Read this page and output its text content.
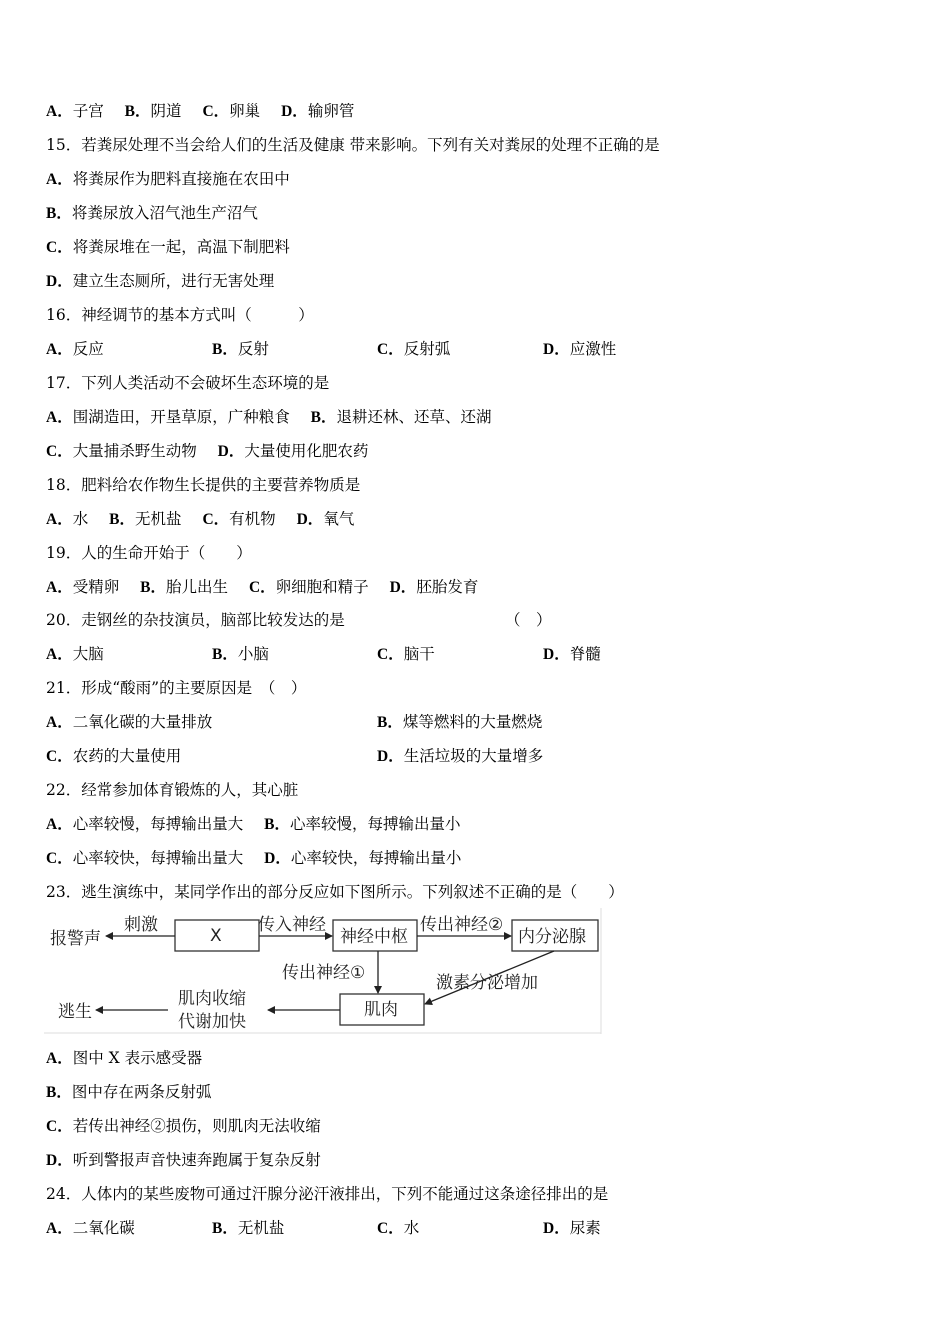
A．子宫 B．阴道 C．卵巢 D．输卵管
15．若粪尿处理不当会给人们的生活及健康 带来影响。下列有关对粪尿的处理不正确的是
A．将粪尿作为肥料直接施在农田中
B．将粪尿放入沼气池生产沼气
C．将粪尿堆在一起，高温下制肥料
D．建立生态厕所，进行无害处理
16．神经调节的基本方式叫（　　　）
A．反应	B．反射	C．反射弧	D．应激性
17．下列人类活动不会破坏生态环境的是
A．围湖造田，开垦草原，广种粮食 B．退耕还林、还草、还湖
C．大量捕杀野生动物 D．大量使用化肥农药
18．肥料给农作物生长提供的主要营养物质是
A．水 B．无机盐 C．有机物 D．氧气
19．人的生命开始于（　　）
A．受精卵 B．胎儿出生 C．卵细胞和精子 D．胚胎发育
20．走钢丝的杂技演员，脑部比较发达的是	（　）
A．大脑	B．小脑	C．脑干	D．脊髓
21．形成“酸雨”的主要原因是　（　）
A．二氧化碳的大量排放	B．煤等燃料的大量燃烧
C．农药的大量使用	D．生活垃圾的大量增多
22．经常参加体育锻炼的人，其心脏
A．心率较慢，每搏输出量大 B．心率较慢，每搏输出量小
C．心率较快，每搏输出量大 D．心率较快，每搏输出量小
23．逃生演练中，某同学作出的部分反应如下图所示。下列叙述不正确的是（　　）
报警声
刺激
X
传入神经
神经中枢
传出神经②
内分泌腺
传出神经①	激素分泌增加
肌肉
肌肉收缩
代谢加快
逃生
A．图中 X 表示感受器
B．图中存在两条反射弧
C．若传出神经②损伤，则肌肉无法收缩
D．听到警报声音快速奔跑属于复杂反射
24．人体内的某些废物可通过汗腺分泌汗液排出，下列不能通过这条途径排出的是
A．二氧化碳	B．无机盐	C．水	D．尿素
